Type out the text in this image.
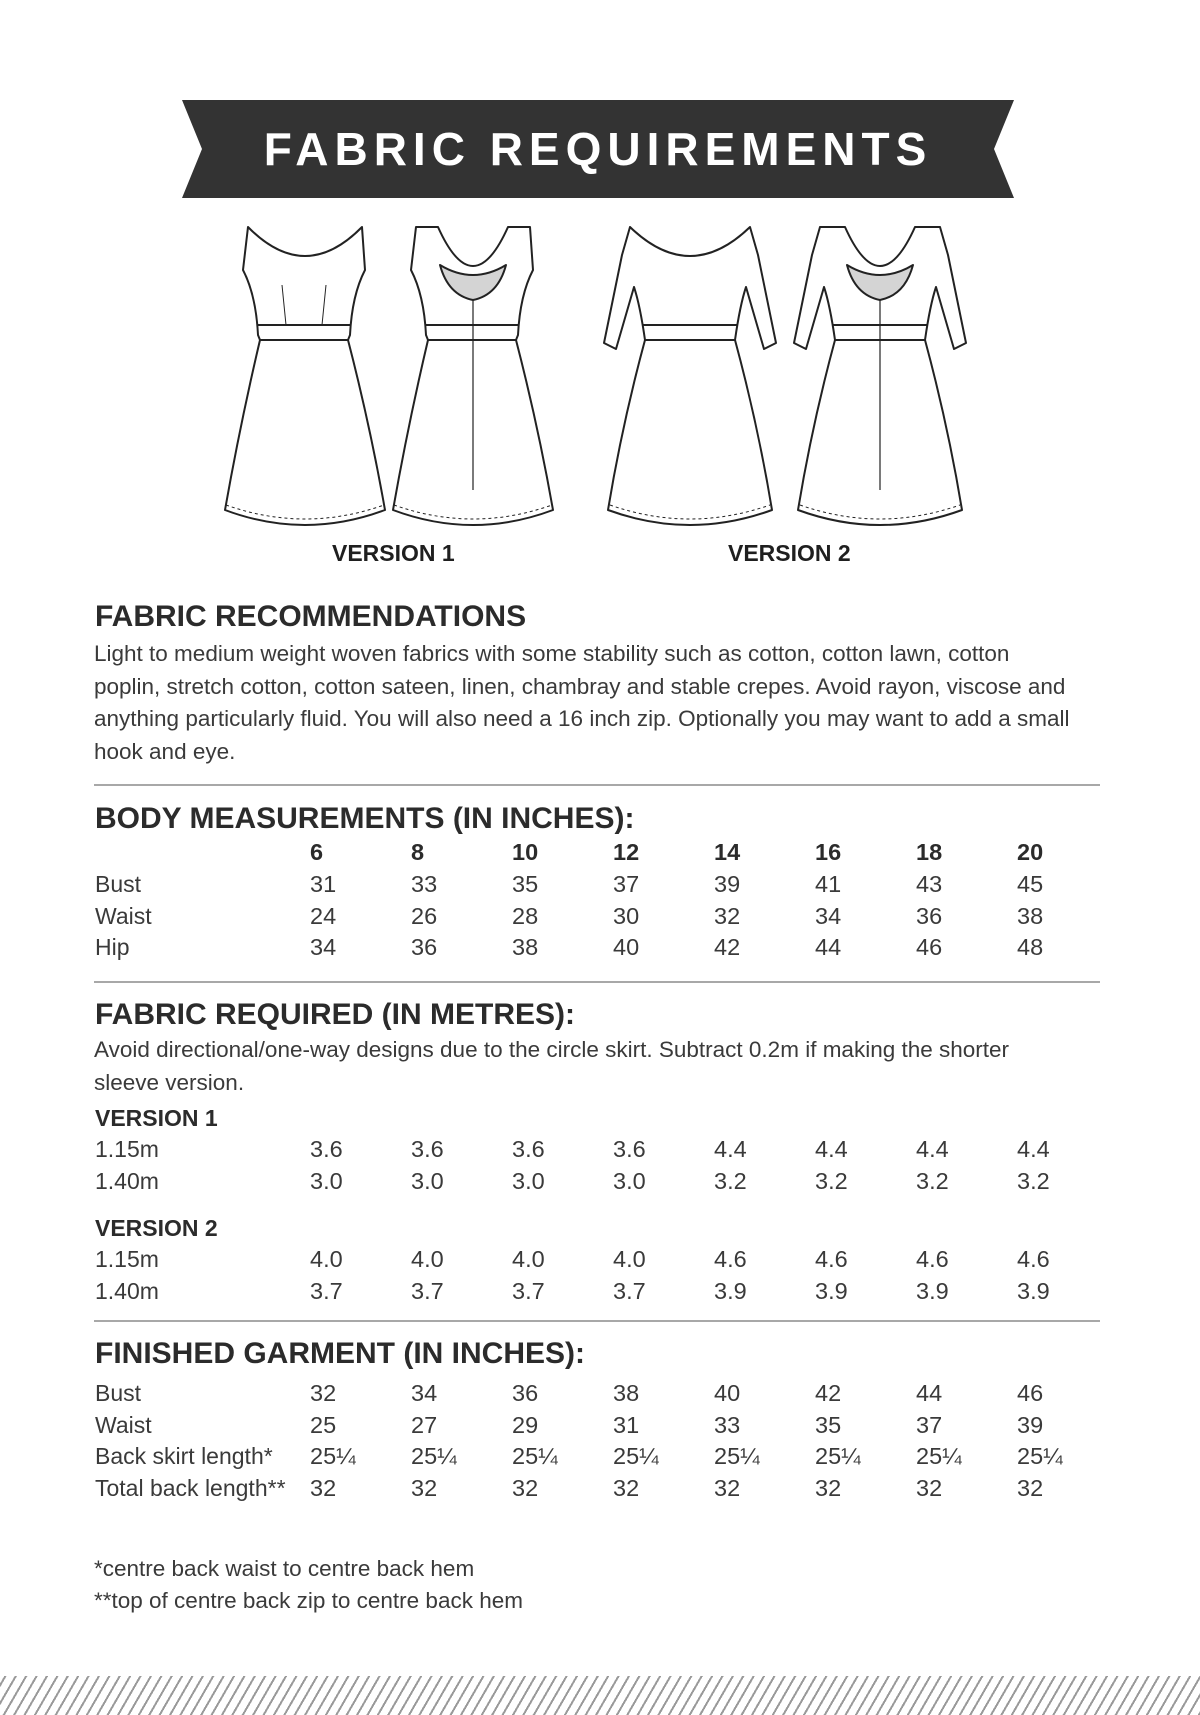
FABRIC REQUIREMENTS
VERSION 1	VERSION 2
FABRIC RECOMMENDATIONS
Light to medium weight woven fabrics with some stability such as cotton, cotton lawn, cotton
poplin, stretch cotton, cotton sateen, linen, chambray and stable crepes. Avoid rayon, viscose and
anything particularly fluid. You will also need a 16 inch zip. Optionally you may want to add a small
hook and eye.
BODY MEASUREMENTS (IN INCHES):
6	8	10	12	14	16	18	20
Bust	31	33	35	37	39	41	43	45
Waist	24	26	28	30	32	34	36	38
Hip	34	36	38	40	42	44	46	48
FABRIC REQUIRED (IN METRES):
Avoid directional/one-way designs due to the circle skirt. Subtract 0.2m if making the shorter
sleeve version.
VERSION 1
1.15m	3.6	3.6	3.6	3.6	4.4	4.4	4.4	4.4
1.40m	3.0	3.0	3.0	3.0	3.2	3.2	3.2	3.2
VERSION 2
1.15m	4.0	4.0	4.0	4.0	4.6	4.6	4.6	4.6
1.40m	3.7	3.7	3.7	3.7	3.9	3.9	3.9	3.9
FINISHED GARMENT (IN INCHES):
Bust	32	34	36	38	40	42	44	46
Waist	25	27	29	31	33	35	37	39
Back skirt length* 25¼ 25¼ 25¼ 25¼ 25¼ 25¼ 25¼ 25¼
Total back length** 32	32	32	32	32	32	32	32
*centre back waist to centre back hem
**top of centre back zip to centre back hem
